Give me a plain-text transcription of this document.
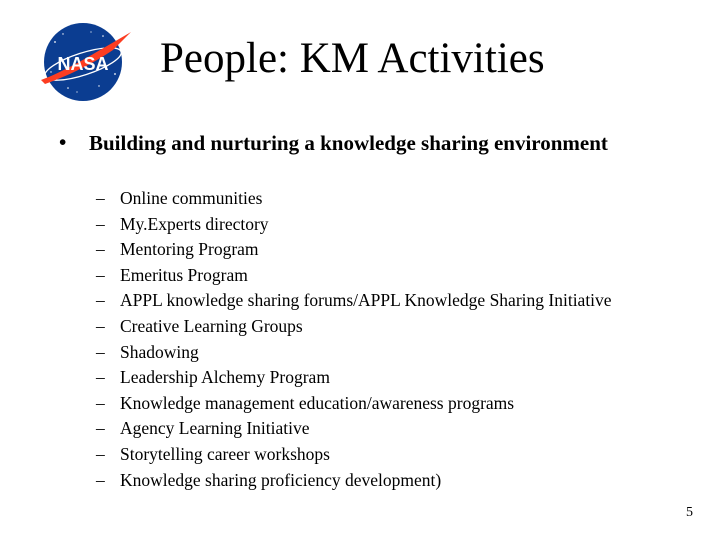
NASA People: KM Activities
• Building and nurturing a knowledge sharing environment
– Online communities
– My.Experts directory
– Mentoring Program
– Emeritus Program
– APPL knowledge sharing forums/APPL Knowledge Sharing Initiative
– Creative Learning Groups
– Shadowing
– Leadership Alchemy Program
– Knowledge management education/awareness programs
– Agency Learning Initiative
– Storytelling career workshops
– Knowledge sharing proficiency development)
5
